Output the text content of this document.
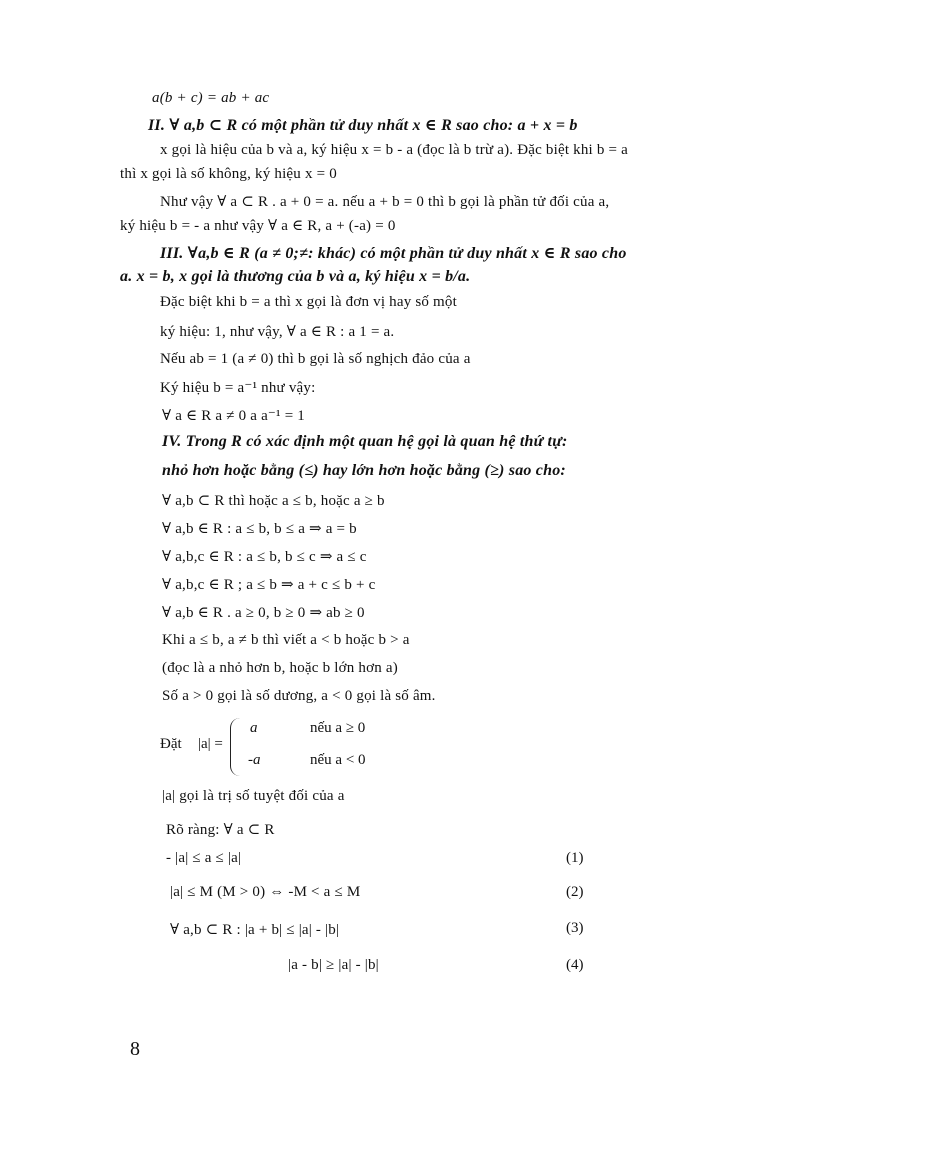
a(b + c) = ab + ac
II. ∀ a,b ⊂ R có một phần tử duy nhất x ∈ R sao cho: a + x = b
x gọi là hiệu của b và a, ký hiệu x = b - a (đọc là b trừ a). Đặc biệt khi b = a
thì x gọi là số không, ký hiệu x = 0
Như vậy ∀ a ⊂ R . a + 0 = a. nếu a + b = 0 thì b gọi là phần tử đối của a,
ký hiệu b = - a như vậy ∀ a ∈ R, a + (-a) = 0
III. ∀a,b ∈ R (a ≠ 0;≠: khác) có một phần tử duy nhất x ∈ R sao cho
a. x = b, x gọi là thương của b và a, ký hiệu x = b/a.
Đặc biệt khi b = a thì x gọi là đơn vị hay số một
ký hiệu: 1, như vậy, ∀ a ∈ R : a 1 = a.
Nếu ab = 1 (a ≠ 0) thì b gọi là số nghịch đảo của a
Ký hiệu b = a⁻¹ như vậy:
∀ a ∈ R a ≠ 0 a a⁻¹ = 1
IV. Trong R có xác định một quan hệ gọi là quan hệ thứ tự:
nhỏ hơn hoặc bằng (≤) hay lớn hơn hoặc bằng (≥) sao cho:
∀ a,b ⊂ R thì hoặc a ≤ b, hoặc a ≥ b
∀ a,b ∈ R : a ≤ b, b ≤ a ⇒ a = b
∀ a,b,c ∈ R : a ≤ b, b ≤ c ⇒ a ≤ c
∀ a,b,c ∈ R ; a ≤ b ⇒ a + c ≤ b + c
∀ a,b ∈ R . a ≥ 0, b ≥ 0 ⇒ ab ≥ 0
Khi a ≤ b, a ≠ b thì viết a < b hoặc b > a
(đọc là a nhỏ hơn b, hoặc b lớn hơn a)
Số a > 0 gọi là số dương, a < 0 gọi là số âm.
Đặt |a| =
a	nếu a ≥ 0
-a	nếu a < 0
|a| gọi là trị số tuyệt đối của a
Rõ ràng: ∀ a ⊂ R
- |a| ≤ a ≤ |a|	(1)
|a| ≤ M (M > 0) ⇔ -M < a ≤ M	(2)
∀ a,b ⊂ R : |a + b| ≤ |a| - |b|	(3)
|a - b| ≥ |a| - |b|	(4)
8
